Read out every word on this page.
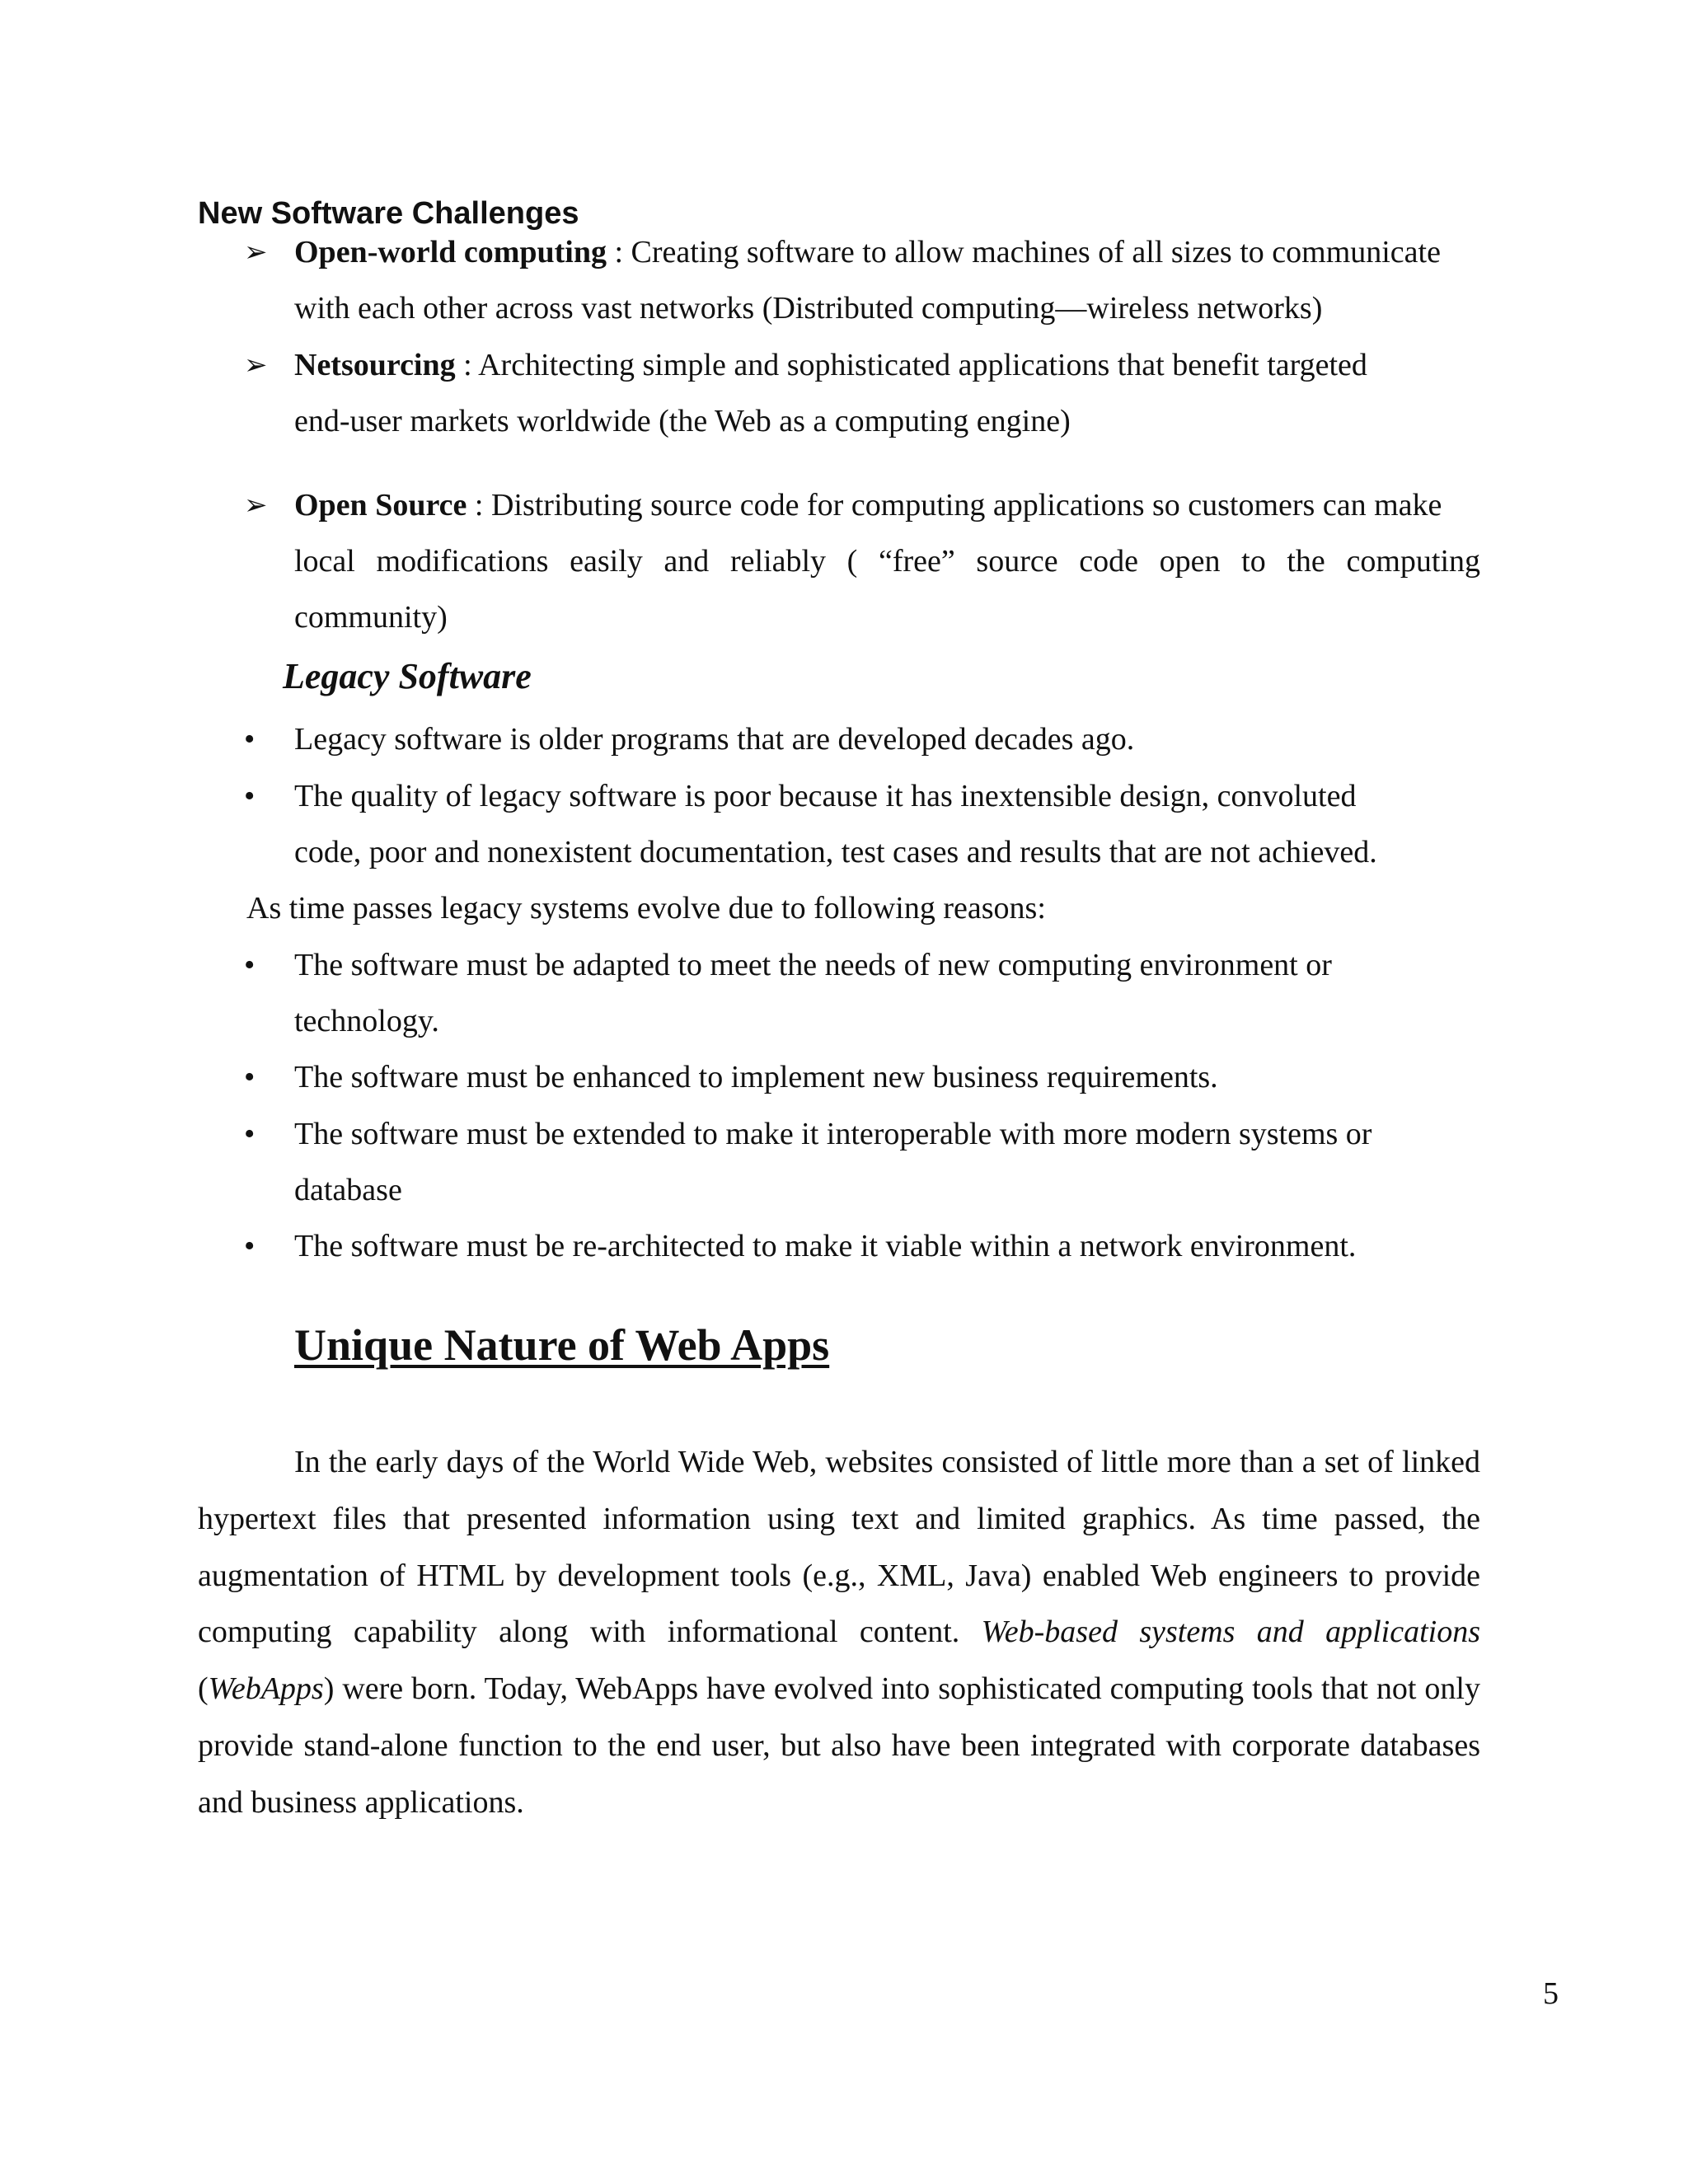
New Software Challenges
➢ Open-world computing : Creating software to allow machines of all sizes to communicate
with each other across vast networks (Distributed computing—wireless networks)
➢ Netsourcing : Architecting simple and sophisticated applications that benefit targeted
end-user markets worldwide (the Web as a computing engine)
➢ Open Source : Distributing source code for computing applications so customers can make
local modifications easily and reliably ( “free” source code open to the computing
community)
Legacy Software
• Legacy software is older programs that are developed decades ago.
• The quality of legacy software is poor because it has inextensible design, convoluted
code, poor and nonexistent documentation, test cases and results that are not achieved.
As time passes legacy systems evolve due to following reasons:
• The software must be adapted to meet the needs of new computing environment or
technology.
• The software must be enhanced to implement new business requirements.
• The software must be extended to make it interoperable with more modern systems or
database
• The software must be re-architected to make it viable within a network environment.
Unique Nature of Web Apps
In the early days of the World Wide Web, websites consisted of little more than a set of linked hypertext files that presented information using text and limited graphics. As time passed, the augmentation of HTML by development tools (e.g., XML, Java) enabled Web engineers to provide computing capability along with informational content. Web-based systems and applications (WebApps) were born. Today, WebApps have evolved into sophisticated computing tools that not only provide stand-alone function to the end user, but also have been integrated with corporate databases and business applications.
5
